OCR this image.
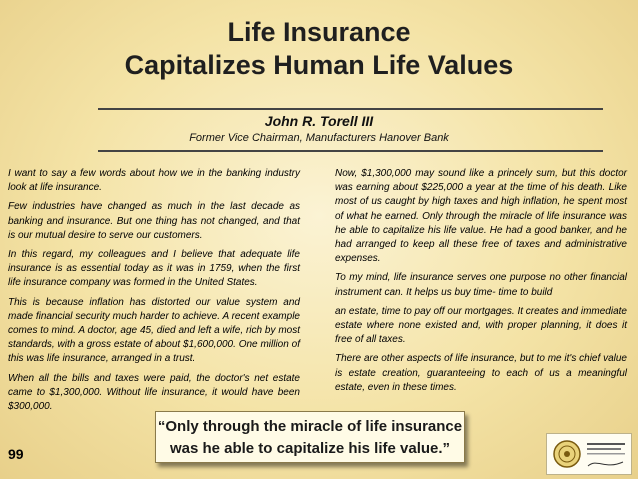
Life Insurance
Capitalizes Human Life Values
John R. Torell III
Former Vice Chairman, Manufacturers Hanover Bank

I want to say a few words about how we in the banking industry look at life insurance.

Few industries have changed as much in the last decade as banking and insurance. But one thing has not changed, and that is our mutual desire to serve our customers.

In this regard, my colleagues and I believe that adequate life insurance is as essential today as it was in 1759, when the first life insurance company was formed in the United States.

This is because inflation has distorted our value system and made financial security much harder to achieve. A recent example comes to mind. A doctor, age 45, died and left a wife, rich by most standards, with a gross estate of about $1,600,000. One million of this was life insurance, arranged in a trust.

When all the bills and taxes were paid, the doctor's net estate came to $1,300,000. Without life insurance, it would have been $300,000.

Now, $1,300,000 may sound like a princely sum, but this doctor was earning about $225,000 a year at the time of his death. Like most of us caught by high taxes and high inflation, he spent most of what he earned. Only through the miracle of life insurance was he able to capitalize his life value. He had a good banker, and he had arranged to keep all these free of taxes and administrative expenses.

To my mind, life insurance serves one purpose no other financial instrument can. It helps us buy time- time to build

an estate, time to pay off our mortgages. It creates and immediate estate where none existed and, with proper planning, it does it free of all taxes.

There are other aspects of life insurance, but to me it's chief value is estate creation, guaranteeing to each of us a meaningful estate, even in these times.

“Only through the miracle of life insurance
was he able to capitalize his life value.”
99
